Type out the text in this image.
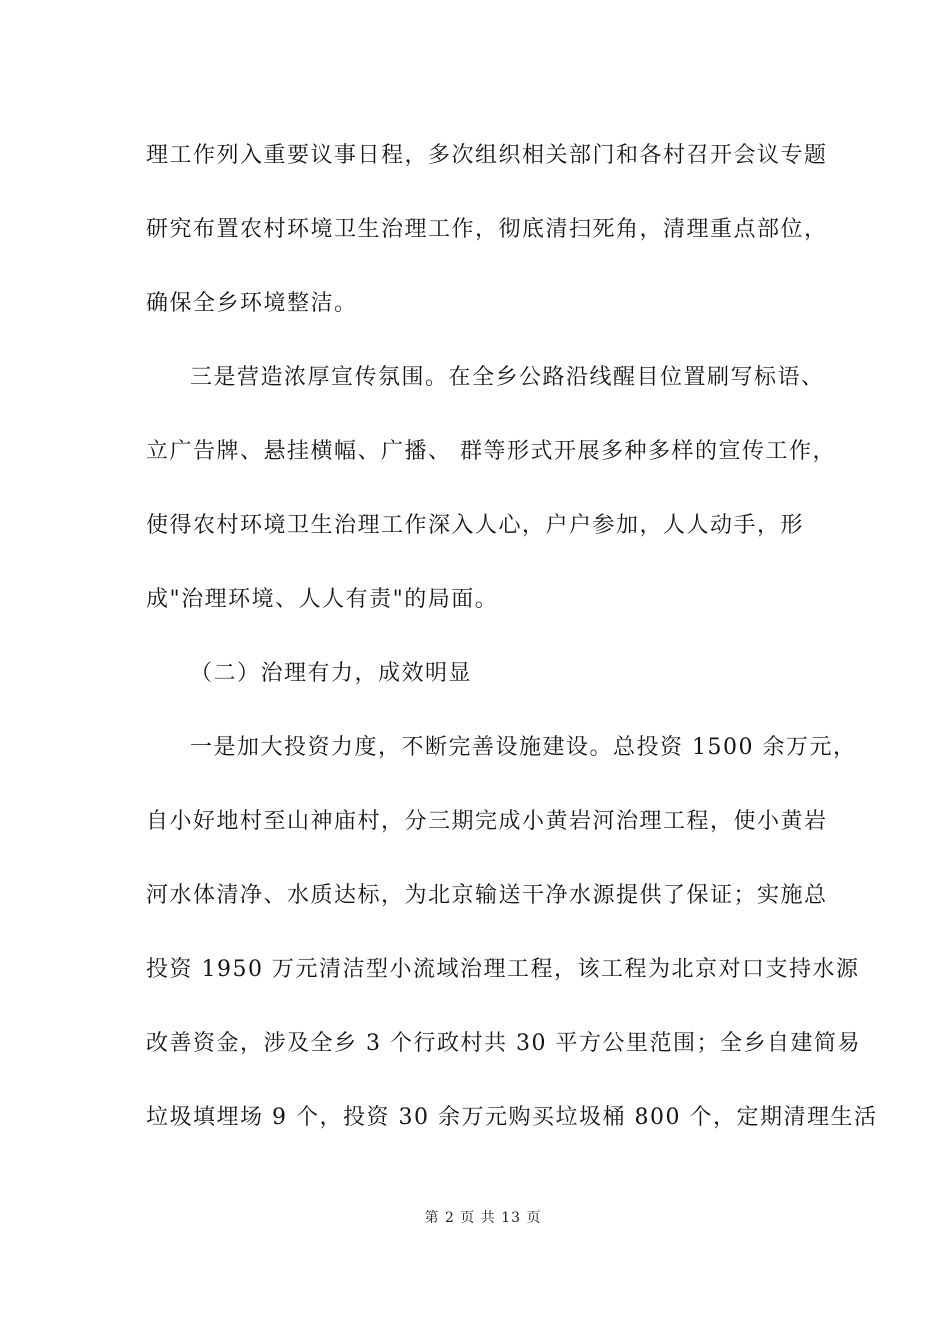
理工作列入重要议事日程，多次组织相关部门和各村召开会议专题
研究布置农村环境卫生治理工作，彻底清扫死角，清理重点部位，
确保全乡环境整洁。
三是营造浓厚宣传氛围。在全乡公路沿线醒目位置刷写标语、
立广告牌、悬挂横幅、广播、 群等形式开展多种多样的宣传工作，
使得农村环境卫生治理工作深入人心，户户参加，人人动手，形
成"治理环境、人人有责"的局面。
（二）治理有力，成效明显
一是加大投资力度，不断完善设施建设。总投资 1500 余万元，
自小好地村至山神庙村，分三期完成小黄岩河治理工程，使小黄岩
河水体清净、水质达标，为北京输送干净水源提供了保证；实施总
投资 1950 万元清洁型小流域治理工程，该工程为北京对口支持水源
改善资金，涉及全乡 3 个行政村共 30 平方公里范围；全乡自建简易
垃圾填埋场 9 个，投资 30 余万元购买垃圾桶 800 个，定期清理生活
第 2 页 共 13 页
